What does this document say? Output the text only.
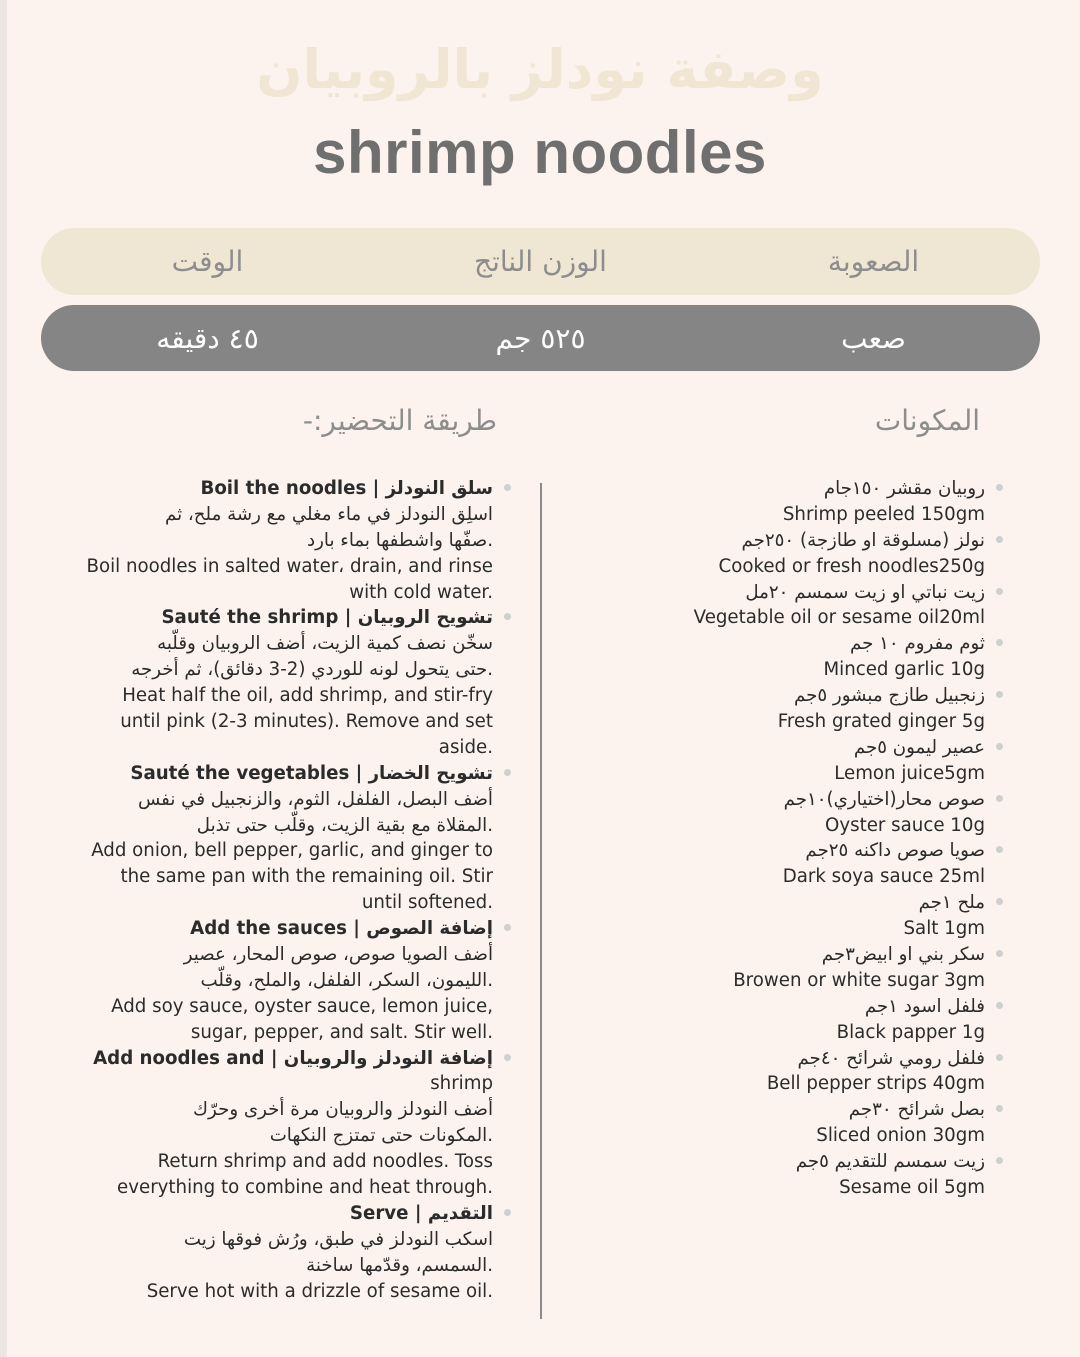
وصفة نودلز بالروبيان
shrimp noodles
الصعوبة
الوزن الناتج
الوقت
صعب
٥٢٥ جم
٤٥ دقيقه
المكونات
طريقة التحضير:-
روبيان مقشر ١٥٠جام
Shrimp peeled 150gm
نولز (مسلوقة او طازجة) ٢٥٠جم
Cooked or fresh noodles250g
زيت نباتي او زيت سمسم ٢٠مل
Vegetable oil or sesame oil20ml
ثوم مفروم ١٠ جم
Minced garlic 10g
زنجبيل طازج مبشور ٥جم
Fresh grated ginger 5g
عصير ليمون ٥جم
Lemon juice5gm
صوص محار(اختياري)١٠جم
Oyster sauce 10g
صويا صوص داكنه ٢٥جم
Dark soya sauce 25ml
ملح ١جم
Salt 1gm
سكر بني او ابيض٣جم
Browen or white sugar 3gm
فلفل اسود ١جم
Black papper 1g
فلفل رومي شرائح ٤٠جم
Bell pepper strips 40gm
بصل شرائح ٣٠جم
Sliced onion 30gm
زيت سمسم للتقديم ٥جم
Sesame oil 5gm
سلق النودلز | Boil the noodles
اسلِق النودلز في ماء مغلي مع رشة ملح، ثم
.صفّها واشطفها بماء بارد
Boil noodles in salted water، drain, and rinse
with cold water.
تشويح الروبيان | Sauté the shrimp
سخّن نصف كمية الزيت، أضف الروبيان وقلّبه
.حتى يتحول لونه للوردي (2-3 دقائق)، ثم أخرجه
Heat half the oil, add shrimp, and stir-fry
until pink (2-3 minutes). Remove and set
aside.
تشويح الخضار | Sauté the vegetables
أضف البصل، الفلفل، الثوم، والزنجبيل في نفس
.المقلاة مع بقية الزيت، وقلّب حتى تذبل
Add onion, bell pepper, garlic, and ginger to
the same pan with the remaining oil. Stir
until softened.
إضافة الصوص | Add the sauces
أضف الصويا صوص، صوص المحار، عصير
.الليمون، السكر، الفلفل، والملح، وقلّب
Add soy sauce, oyster sauce, lemon juice,
sugar, pepper, and salt. Stir well.
إضافة النودلز والروبيان | Add noodles and
shrimp
أضف النودلز والروبيان مرة أخرى وحرّك
.المكونات حتى تمتزج النكهات
Return shrimp and add noodles. Toss
everything to combine and heat through.
التقديم | Serve
اسكب النودلز في طبق، ورُش فوقها زيت
.السمسم، وقدّمها ساخنة
Serve hot with a drizzle of sesame oil.
